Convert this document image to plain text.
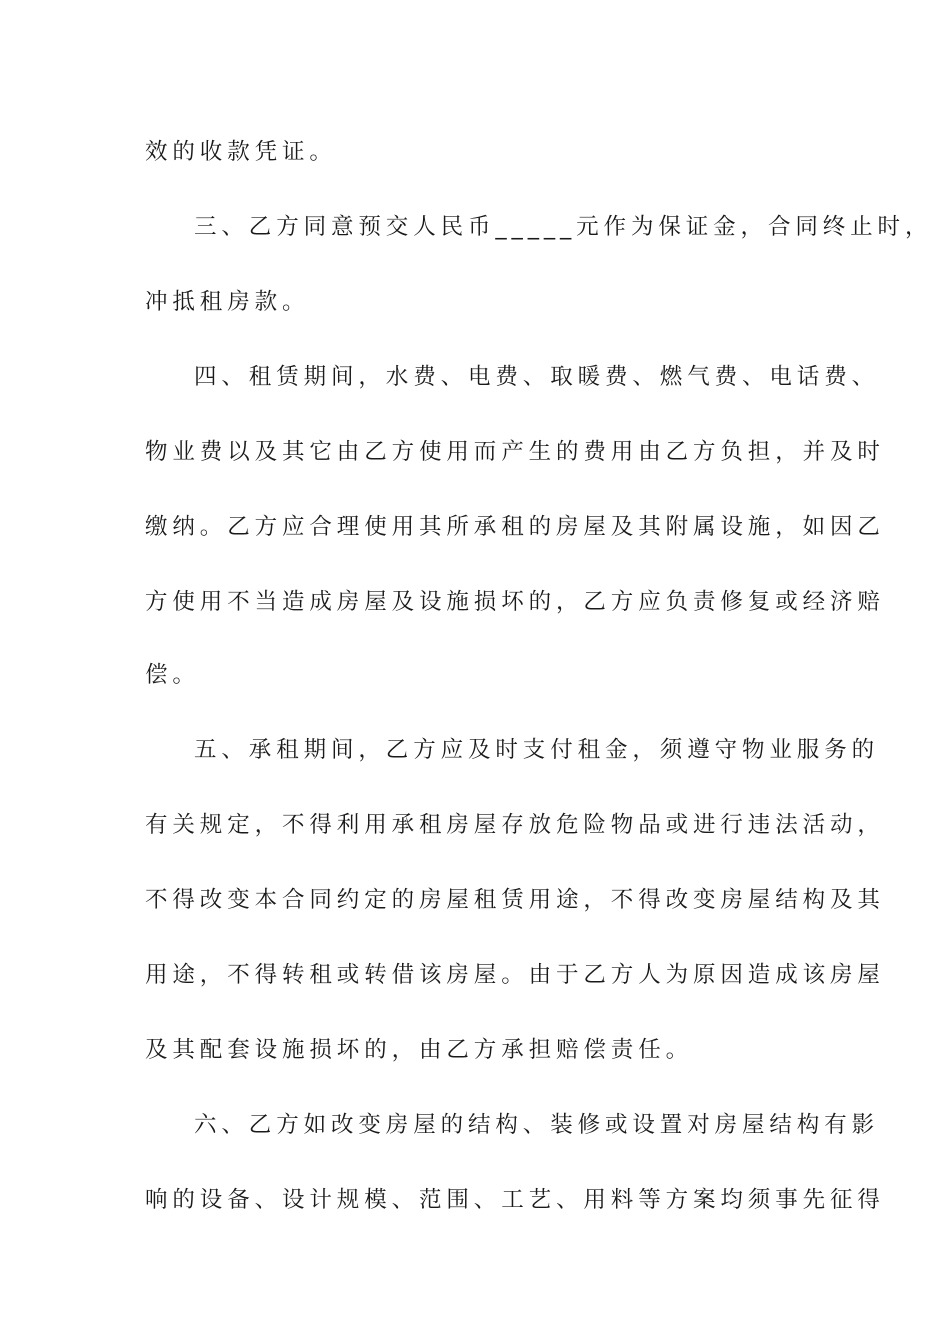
效的收款凭证。
三、乙方同意预交人民币_____元作为保证金，合同终止时，
冲抵租房款。
四、租赁期间，水费、电费、取暖费、燃气费、电话费、
物业费以及其它由乙方使用而产生的费用由乙方负担，并及时
缴纳。乙方应合理使用其所承租的房屋及其附属设施，如因乙
方使用不当造成房屋及设施损坏的，乙方应负责修复或经济赔
偿。
五、承租期间，乙方应及时支付租金，须遵守物业服务的
有关规定，不得利用承租房屋存放危险物品或进行违法活动，
不得改变本合同约定的房屋租赁用途，不得改变房屋结构及其
用途，不得转租或转借该房屋。由于乙方人为原因造成该房屋
及其配套设施损坏的，由乙方承担赔偿责任。
六、乙方如改变房屋的结构、装修或设置对房屋结构有影
响的设备、设计规模、范围、工艺、用料等方案均须事先征得
